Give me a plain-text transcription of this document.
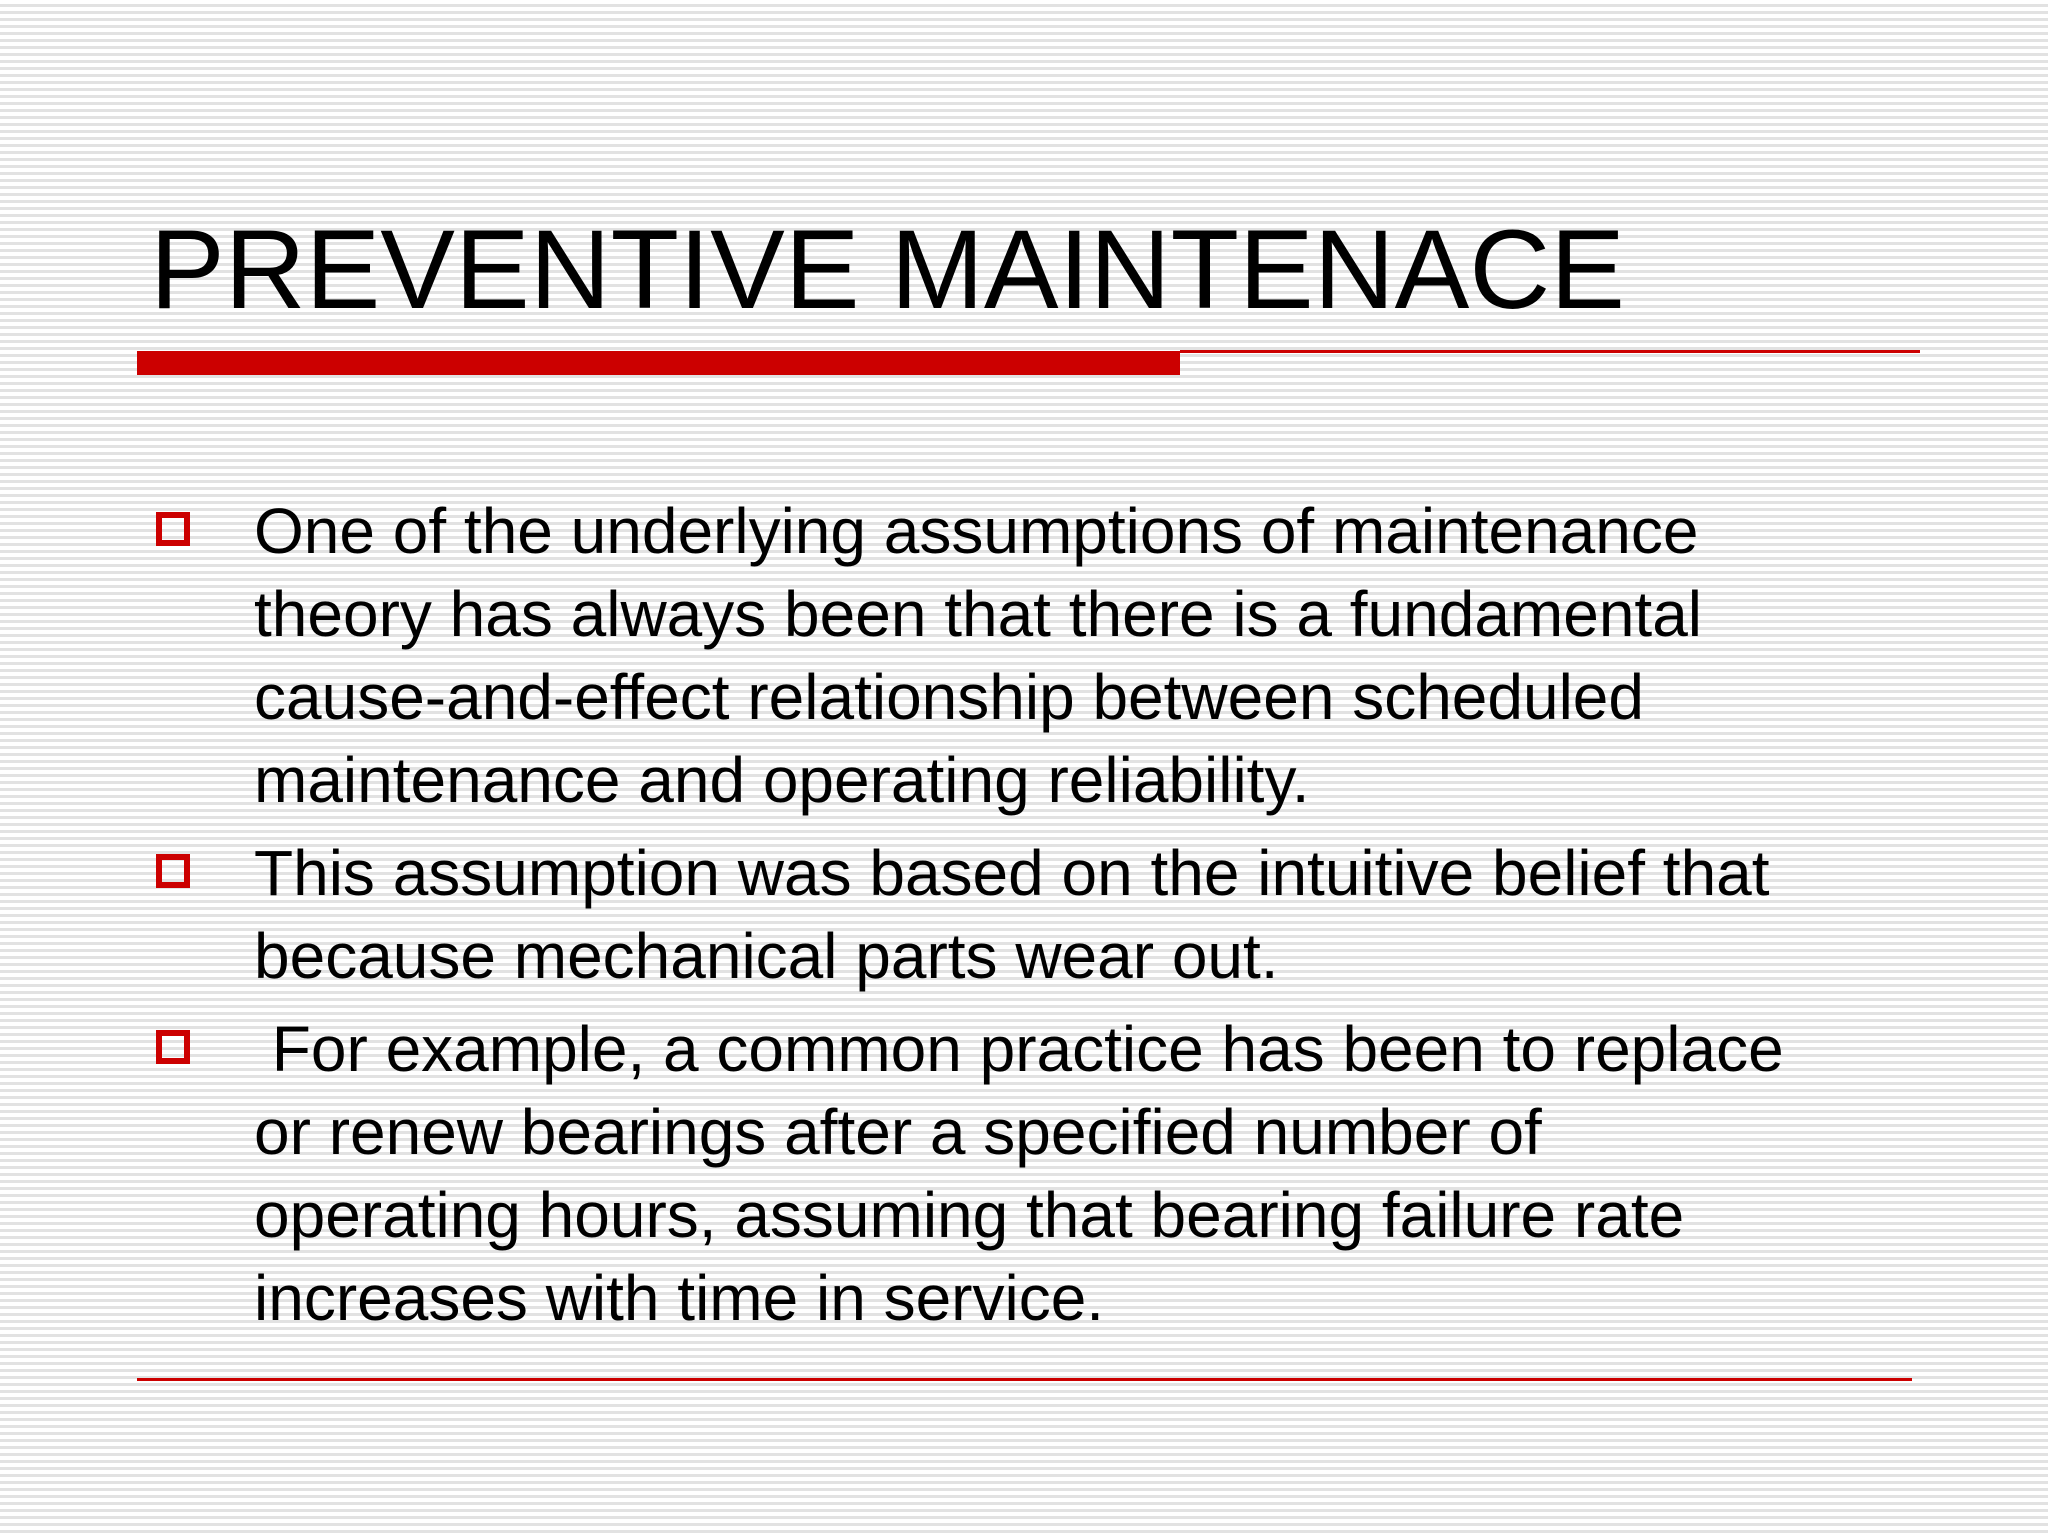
PREVENTIVE MAINTENACE
One of the underlying assumptions of maintenance
theory has always been that there is a fundamental
cause-and-effect relationship between scheduled
maintenance and operating reliability.
This assumption was based on the intuitive belief that
because mechanical parts wear out.
For example, a common practice has been to replace
or renew bearings after a specified number of
operating hours, assuming that bearing failure rate
increases with time in service.
